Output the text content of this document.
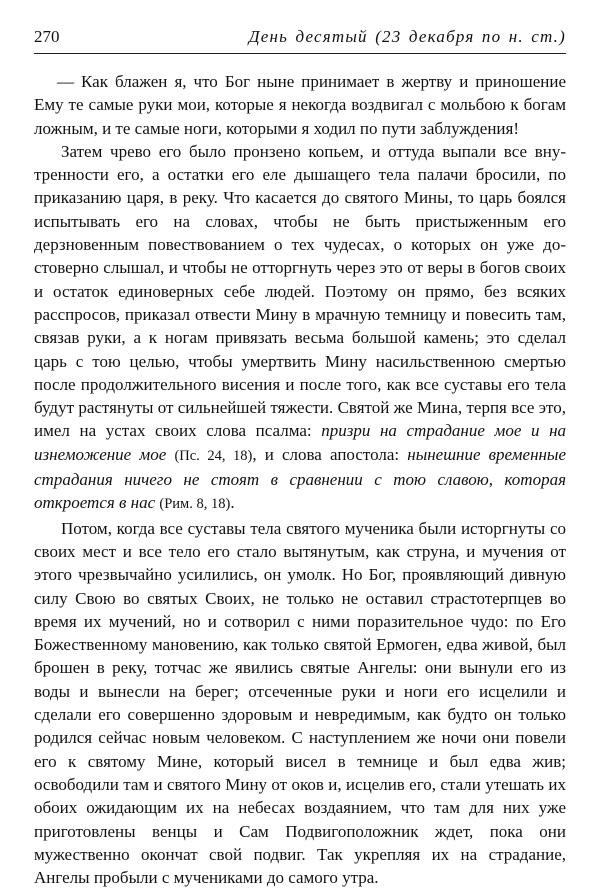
270	День десятый (23 декабря по н. ст.)

— Как блажен я, что Бог ныне принимает в жертву и приношение Ему те самые руки мои, которые я некогда воздвигал с мольбою к богам ложным, и те самые ноги, которыми я ходил по пути заблуждения!

Затем чрево его было пронзено копьем, и оттуда выпали все внутренности его, а остатки его еле дышащего тела палачи бросили, по приказанию царя, в реку. Что касается до святого Мины, то царь боялся испытывать его на словах, чтобы не быть пристыженным его дерзновенным повествованием о тех чудесах, о которых он уже достоверно слышал, и чтобы не отторгнуть через это от веры в богов своих и остаток единоверных себе людей. Поэтому он прямо, без всяких расспросов, приказал отвести Мину в мрачную темницу и повесить там, связав руки, а к ногам привязать весьма большой камень; это сделал царь с тою целью, чтобы умертвить Мину насильственною смертью после продолжительного висения и после того, как все суставы его тела будут растянуты от сильнейшей тяжести. Святой же Мина, терпя все это, имел на устах своих слова псалма: призри на страдание мое и на изнеможение мое (Пс. 24, 18), и слова апостола: нынешние временные страдания ничего не стоят в сравнении с тою славою, которая откроется в нас (Рим. 8, 18).

Потом, когда все суставы тела святого мученика были исторгнуты со своих мест и все тело его стало вытянутым, как струна, и мучения от этого чрезвычайно усилились, он умолк. Но Бог, проявляющий дивную силу Свою во святых Своих, не только не оставил страстотерпцев во время их мучений, но и сотворил с ними поразительное чудо: по Его Божественному мановению, как только святой Ермоген, едва живой, был брошен в реку, тотчас же явились святые Ангелы: они вынули его из воды и вынесли на берег; отсеченные руки и ноги его исцелили и сделали его совершенно здоровым и невредимым, как будто он только родился сейчас новым человеком. С наступлением же ночи они повели его к святому Мине, который висел в темнице и был едва жив; освободили там и святого Мину от оков и, исцелив его, стали утешать их обоих ожидающим их на небесах воздаянием, что там для них уже приготовлены венцы и Сам Подвигоположник ждет, пока они мужественно окончат свой подвиг. Так укрепляя их на страдание, Ангелы пробыли с мучениками до самого утра.
